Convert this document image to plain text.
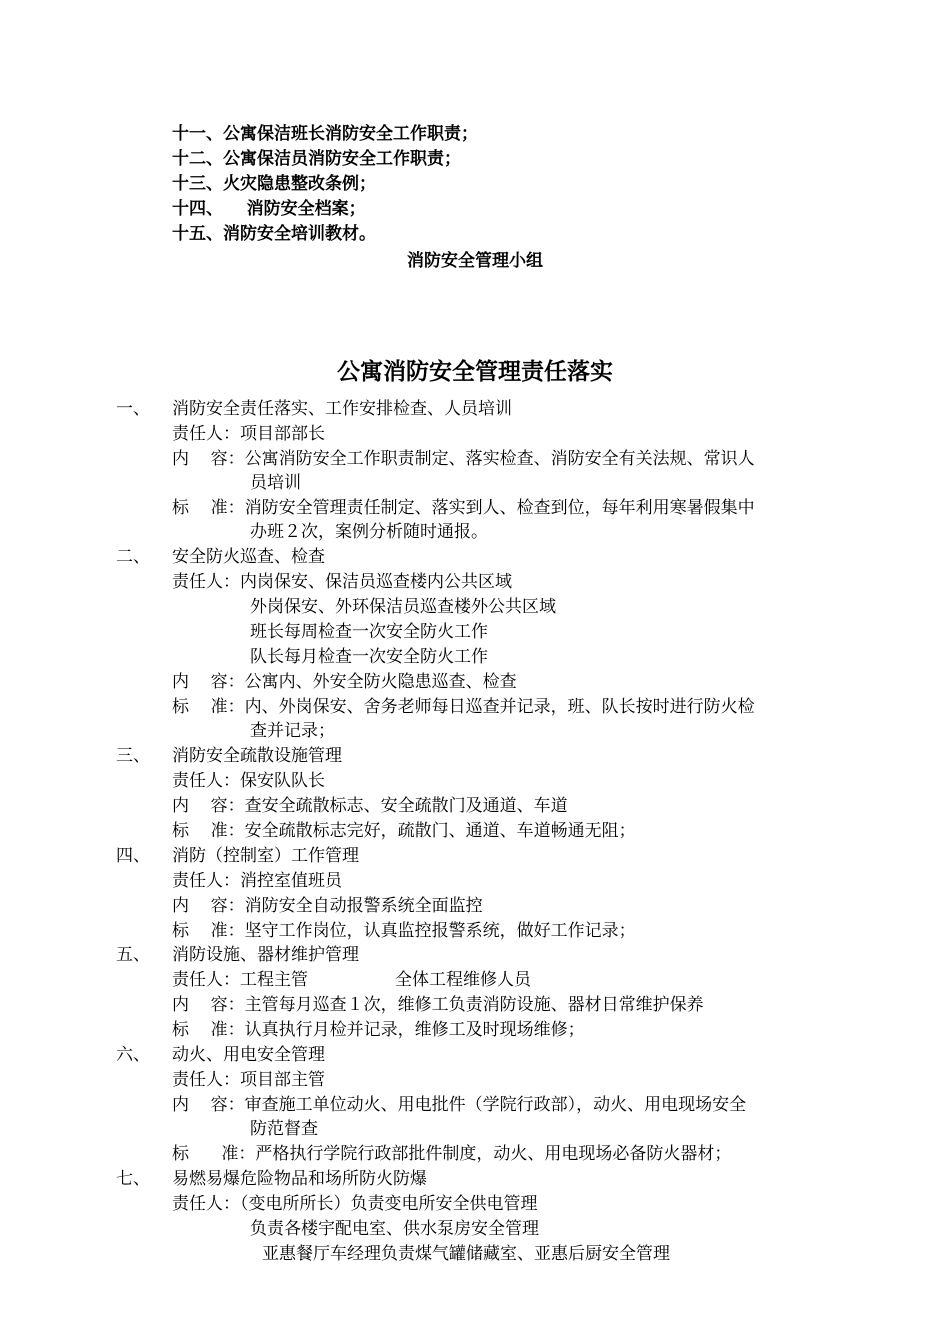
十一、公寓保洁班长消防安全工作职责；
十二、公寓保洁员消防安全工作职责；
十三、火灾隐患整改条例；
十四、    消防安全档案；
十五、消防安全培训教材。
消防安全管理小组
公寓消防安全管理责任落实
一、 消防安全责任落实、工作安排检查、人员培训
责任人：项目部部长
内    容：公寓消防安全工作职责制定、落实检查、消防安全有关法规、常识人
员培训
标    准：消防安全管理责任制定、落实到人、检查到位，每年利用寒暑假集中
办班２次，案例分析随时通报。
二、 安全防火巡查、检查
责任人：内岗保安、保洁员巡查楼内公共区域
外岗保安、外环保洁员巡查楼外公共区域
班长每周检查一次安全防火工作
队长每月检查一次安全防火工作
内    容：公寓内、外安全防火隐患巡查、检查
标    准：内、外岗保安、舍务老师每日巡查并记录，班、队长按时进行防火检
查并记录；
三、 消防安全疏散设施管理
责任人：保安队队长
内    容：查安全疏散标志、安全疏散门及通道、车道
标    准：安全疏散标志完好，疏散门、通道、车道畅通无阻；
四、 消防（控制室）工作管理
责任人：消控室值班员
内    容：消防安全自动报警系统全面监控
标    准：坚守工作岗位，认真监控报警系统，做好工作记录；
五、 消防设施、器材维护管理
责任人：工程主管	全体工程维修人员
内    容：主管每月巡查１次，维修工负责消防设施、器材日常维护保养
标    准：认真执行月检并记录，维修工及时现场维修；
六、 动火、用电安全管理
责任人：项目部主管
内    容：审查施工单位动火、用电批件（学院行政部），动火、用电现场安全
防范督查
标      准：严格执行学院行政部批件制度，动火、用电现场必备防火器材；
七、 易燃易爆危险物品和场所防火防爆
责任人：（变电所所长）负责变电所安全供电管理
负责各楼宇配电室、供水泵房安全管理
亚惠餐厅车经理负责煤气罐储藏室、亚惠后厨安全管理
